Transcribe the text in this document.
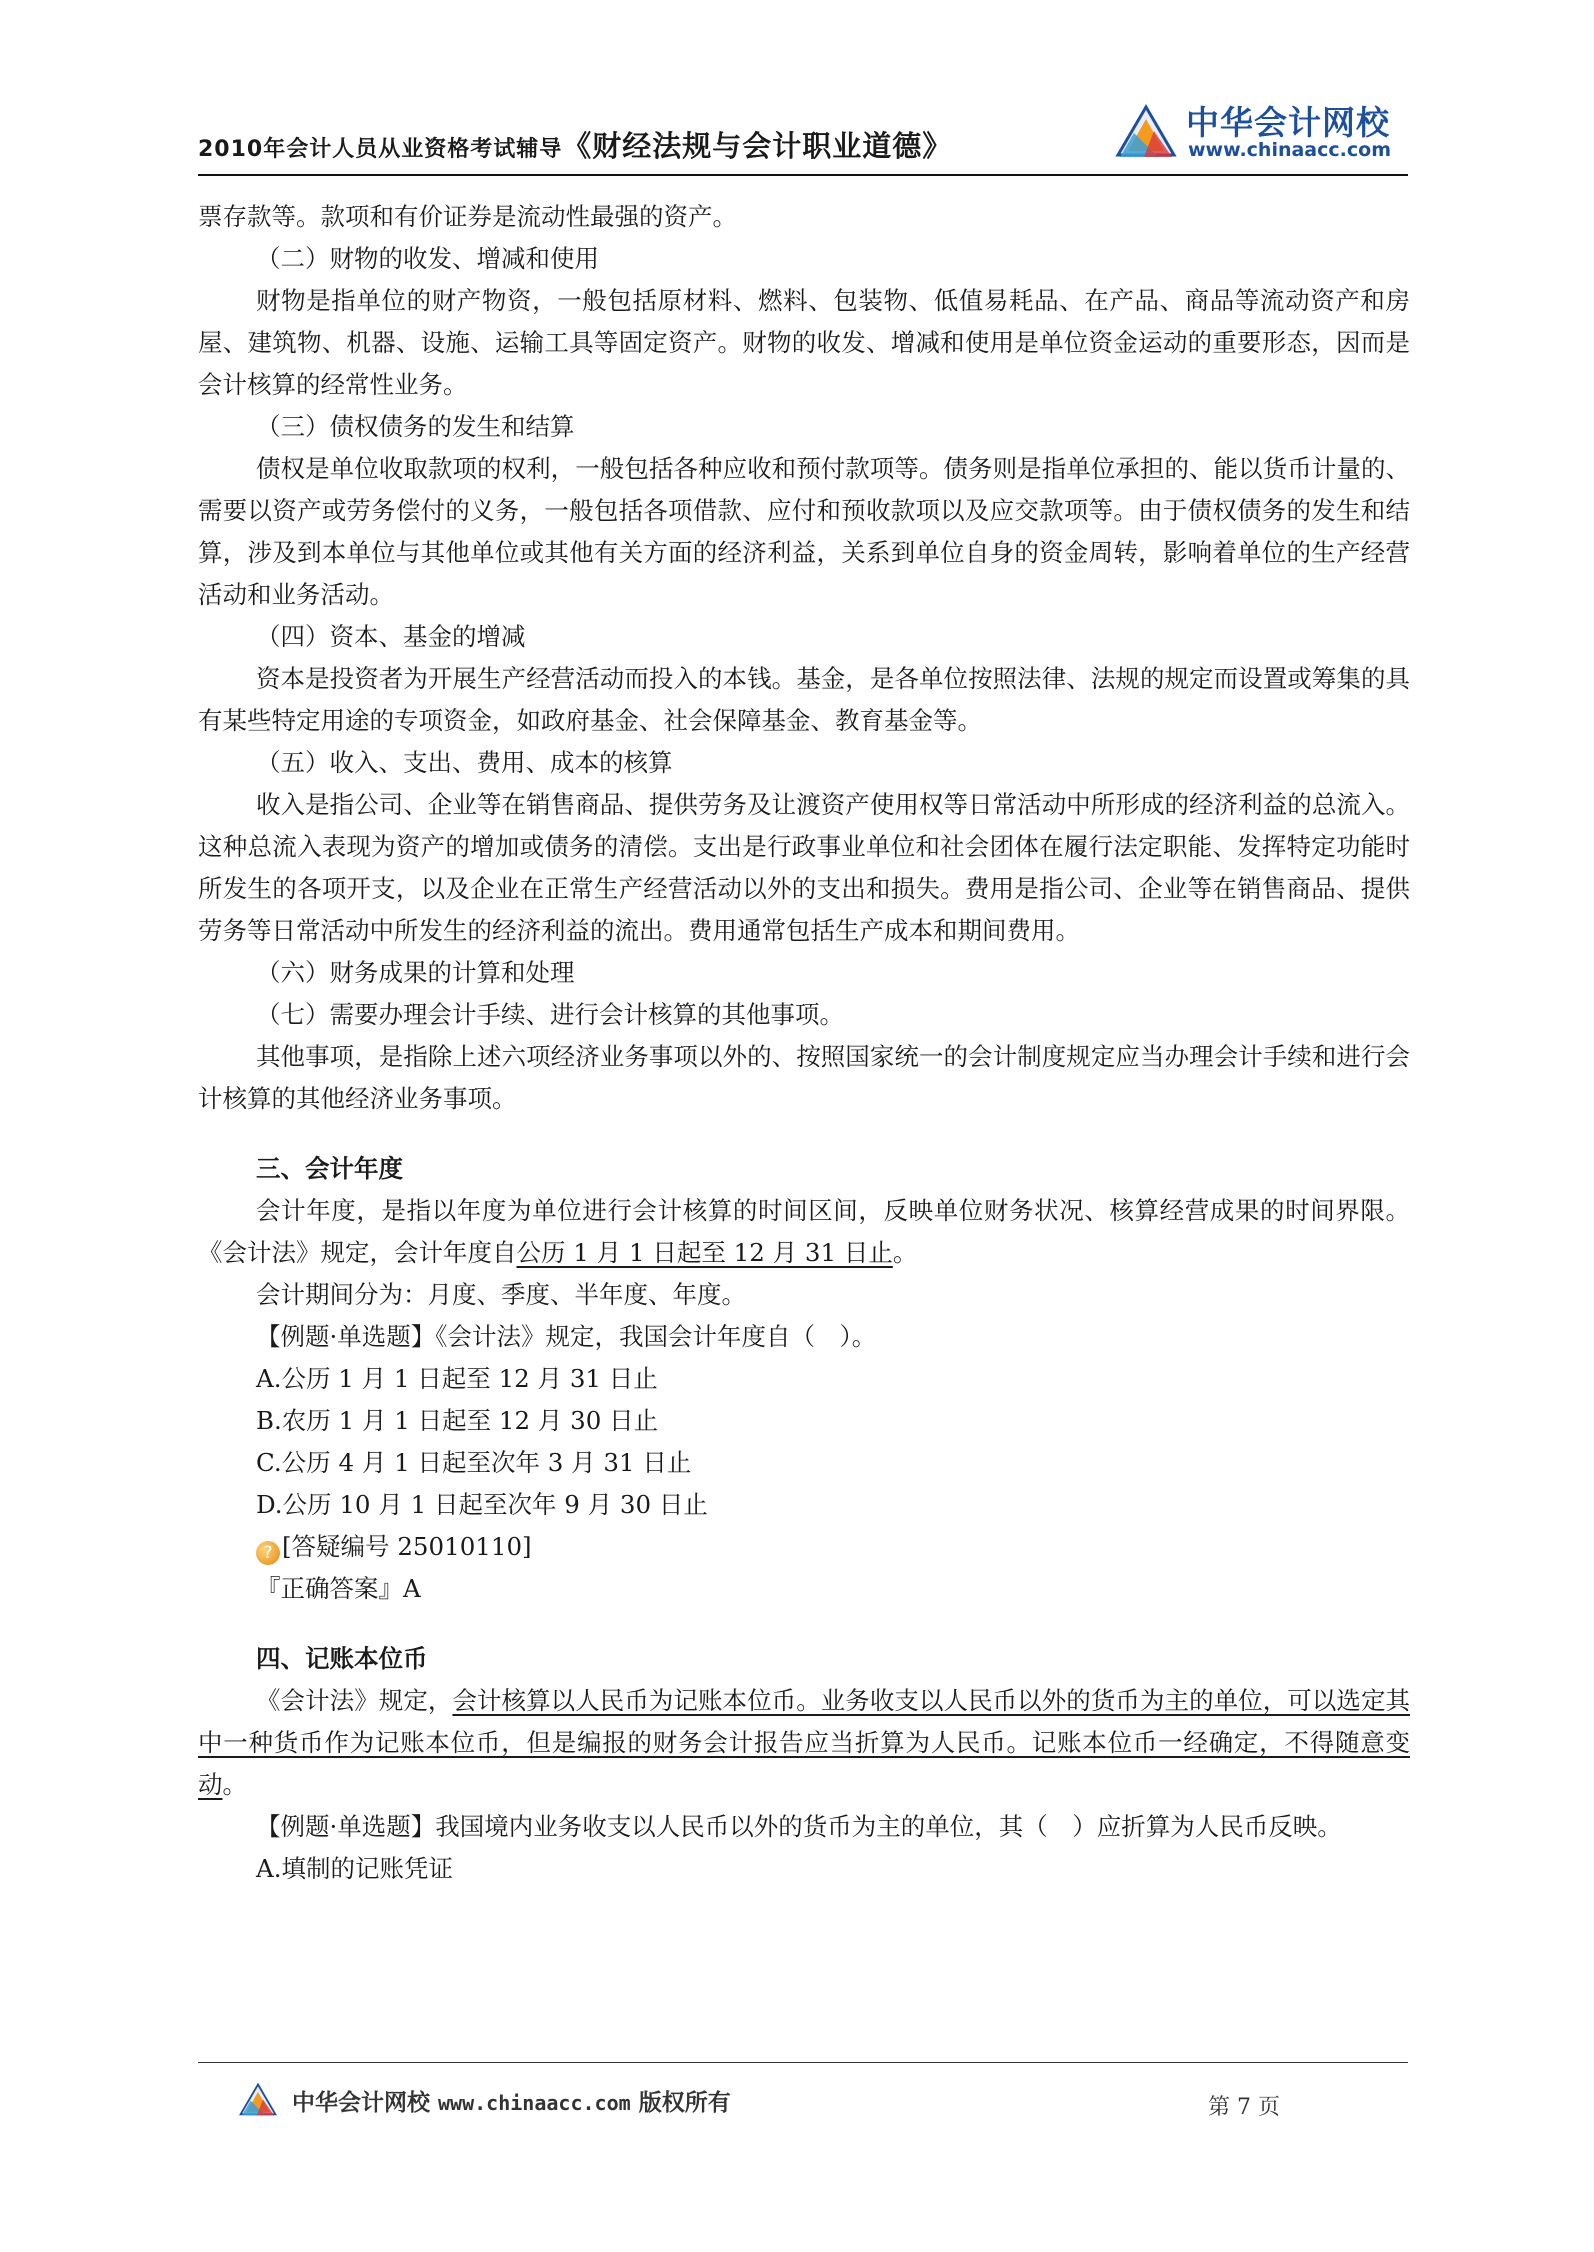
2010年会计人员从业资格考试辅导《财经法规与会计职业道德》
中华会计网校
www.chinaacc.com

票存款等。款项和有价证券是流动性最强的资产。

（二）财物的收发、增减和使用

财物是指单位的财产物资，一般包括原材料、燃料、包装物、低值易耗品、在产品、商品等流动资产和房屋、建筑物、机器、设施、运输工具等固定资产。财物的收发、增减和使用是单位资金运动的重要形态，因而是会计核算的经常性业务。

（三）债权债务的发生和结算

债权是单位收取款项的权利，一般包括各种应收和预付款项等。债务则是指单位承担的、能以货币计量的、需要以资产或劳务偿付的义务，一般包括各项借款、应付和预收款项以及应交款项等。由于债权债务的发生和结算，涉及到本单位与其他单位或其他有关方面的经济利益，关系到单位自身的资金周转，影响着单位的生产经营活动和业务活动。

（四）资本、基金的增减

资本是投资者为开展生产经营活动而投入的本钱。基金，是各单位按照法律、法规的规定而设置或筹集的具有某些特定用途的专项资金，如政府基金、社会保障基金、教育基金等。

（五）收入、支出、费用、成本的核算

收入是指公司、企业等在销售商品、提供劳务及让渡资产使用权等日常活动中所形成的经济利益的总流入。这种总流入表现为资产的增加或债务的清偿。支出是行政事业单位和社会团体在履行法定职能、发挥特定功能时所发生的各项开支，以及企业在正常生产经营活动以外的支出和损失。费用是指公司、企业等在销售商品、提供劳务等日常活动中所发生的经济利益的流出。费用通常包括生产成本和期间费用。

（六）财务成果的计算和处理

（七）需要办理会计手续、进行会计核算的其他事项。

其他事项，是指除上述六项经济业务事项以外的、按照国家统一的会计制度规定应当办理会计手续和进行会计核算的其他经济业务事项。

三、会计年度

会计年度，是指以年度为单位进行会计核算的时间区间，反映单位财务状况、核算经营成果的时间界限。《会计法》规定，会计年度自公历 1 月 1 日起至 12 月 31 日止。

会计期间分为：月度、季度、半年度、年度。

【例题·单选题】《会计法》规定，我国会计年度自（　）。

A.公历 1 月 1 日起至 12 月 31 日止

B.农历 1 月 1 日起至 12 月 30 日止

C.公历 4 月 1 日起至次年 3 月 31 日止

D.公历 10 月 1 日起至次年 9 月 30 日止

? [答疑编号 25010110]

『正确答案』A

四、记账本位币

《会计法》规定，会计核算以人民币为记账本位币。业务收支以人民币以外的货币为主的单位，可以选定其中一种货币作为记账本位币，但是编报的财务会计报告应当折算为人民币。记账本位币一经确定，不得随意变动。

【例题·单选题】我国境内业务收支以人民币以外的货币为主的单位，其（　）应折算为人民币反映。

A.填制的记账凭证

中华会计网校 www.chinaacc.com 版权所有	第 7 页
